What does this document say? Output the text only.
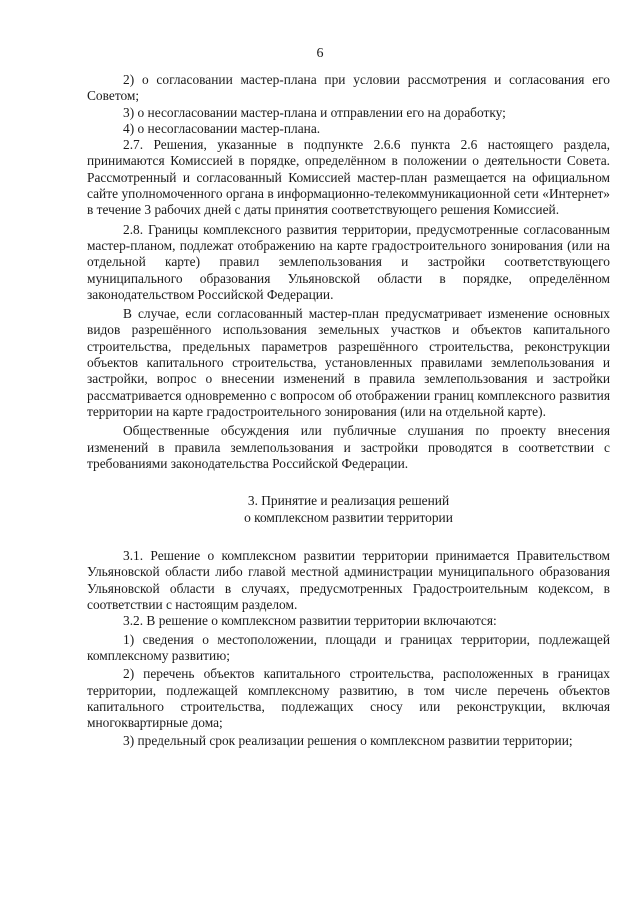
6

2) о согласовании мастер-плана при условии рассмотрения и согласования его Советом;

3) о несогласовании мастер-плана и отправлении его на доработку;

4) о несогласовании мастер-плана.

2.7. Решения, указанные в подпункте 2.6.6 пункта 2.6 настоящего раздела, принимаются Комиссией в порядке, определённом в положении о деятельности Совета. Рассмотренный и согласованный Комиссией мастер-план размещается на официальном сайте уполномоченного органа в информационно-телекоммуникационной сети «Интернет» в течение 3 рабочих дней с даты принятия соответствующего решения Комиссией.

2.8. Границы комплексного развития территории, предусмотренные согласованным мастер-планом, подлежат отображению на карте градостроительного зонирования (или на отдельной карте) правил землепользования и застройки соответствующего муниципального образования Ульяновской области в порядке, определённом законодательством Российской Федерации.

В случае, если согласованный мастер-план предусматривает изменение основных видов разрешённого использования земельных участков и объектов капитального строительства, предельных параметров разрешённого строительства, реконструкции объектов капитального строительства, установленных правилами землепользования и застройки, вопрос о внесении изменений в правила землепользования и застройки рассматривается одновременно с вопросом об отображении границ комплексного развития территории на карте градостроительного зонирования (или на отдельной карте).

Общественные обсуждения или публичные слушания по проекту внесения изменений в правила землепользования и застройки проводятся в соответствии с требованиями законодательства Российской Федерации.

3. Принятие и реализация решений
о комплексном развитии территории

3.1. Решение о комплексном развитии территории принимается Правительством Ульяновской области либо главой местной администрации муниципального образования Ульяновской области в случаях, предусмотренных Градостроительным кодексом, в соответствии с настоящим разделом.

3.2. В решение о комплексном развитии территории включаются:

1) сведения о местоположении, площади и границах территории, подлежащей комплексному развитию;

2) перечень объектов капитального строительства, расположенных в границах территории, подлежащей комплексному развитию, в том числе перечень объектов капитального строительства, подлежащих сносу или реконструкции, включая многоквартирные дома;

3) предельный срок реализации решения о комплексном развитии территории;
